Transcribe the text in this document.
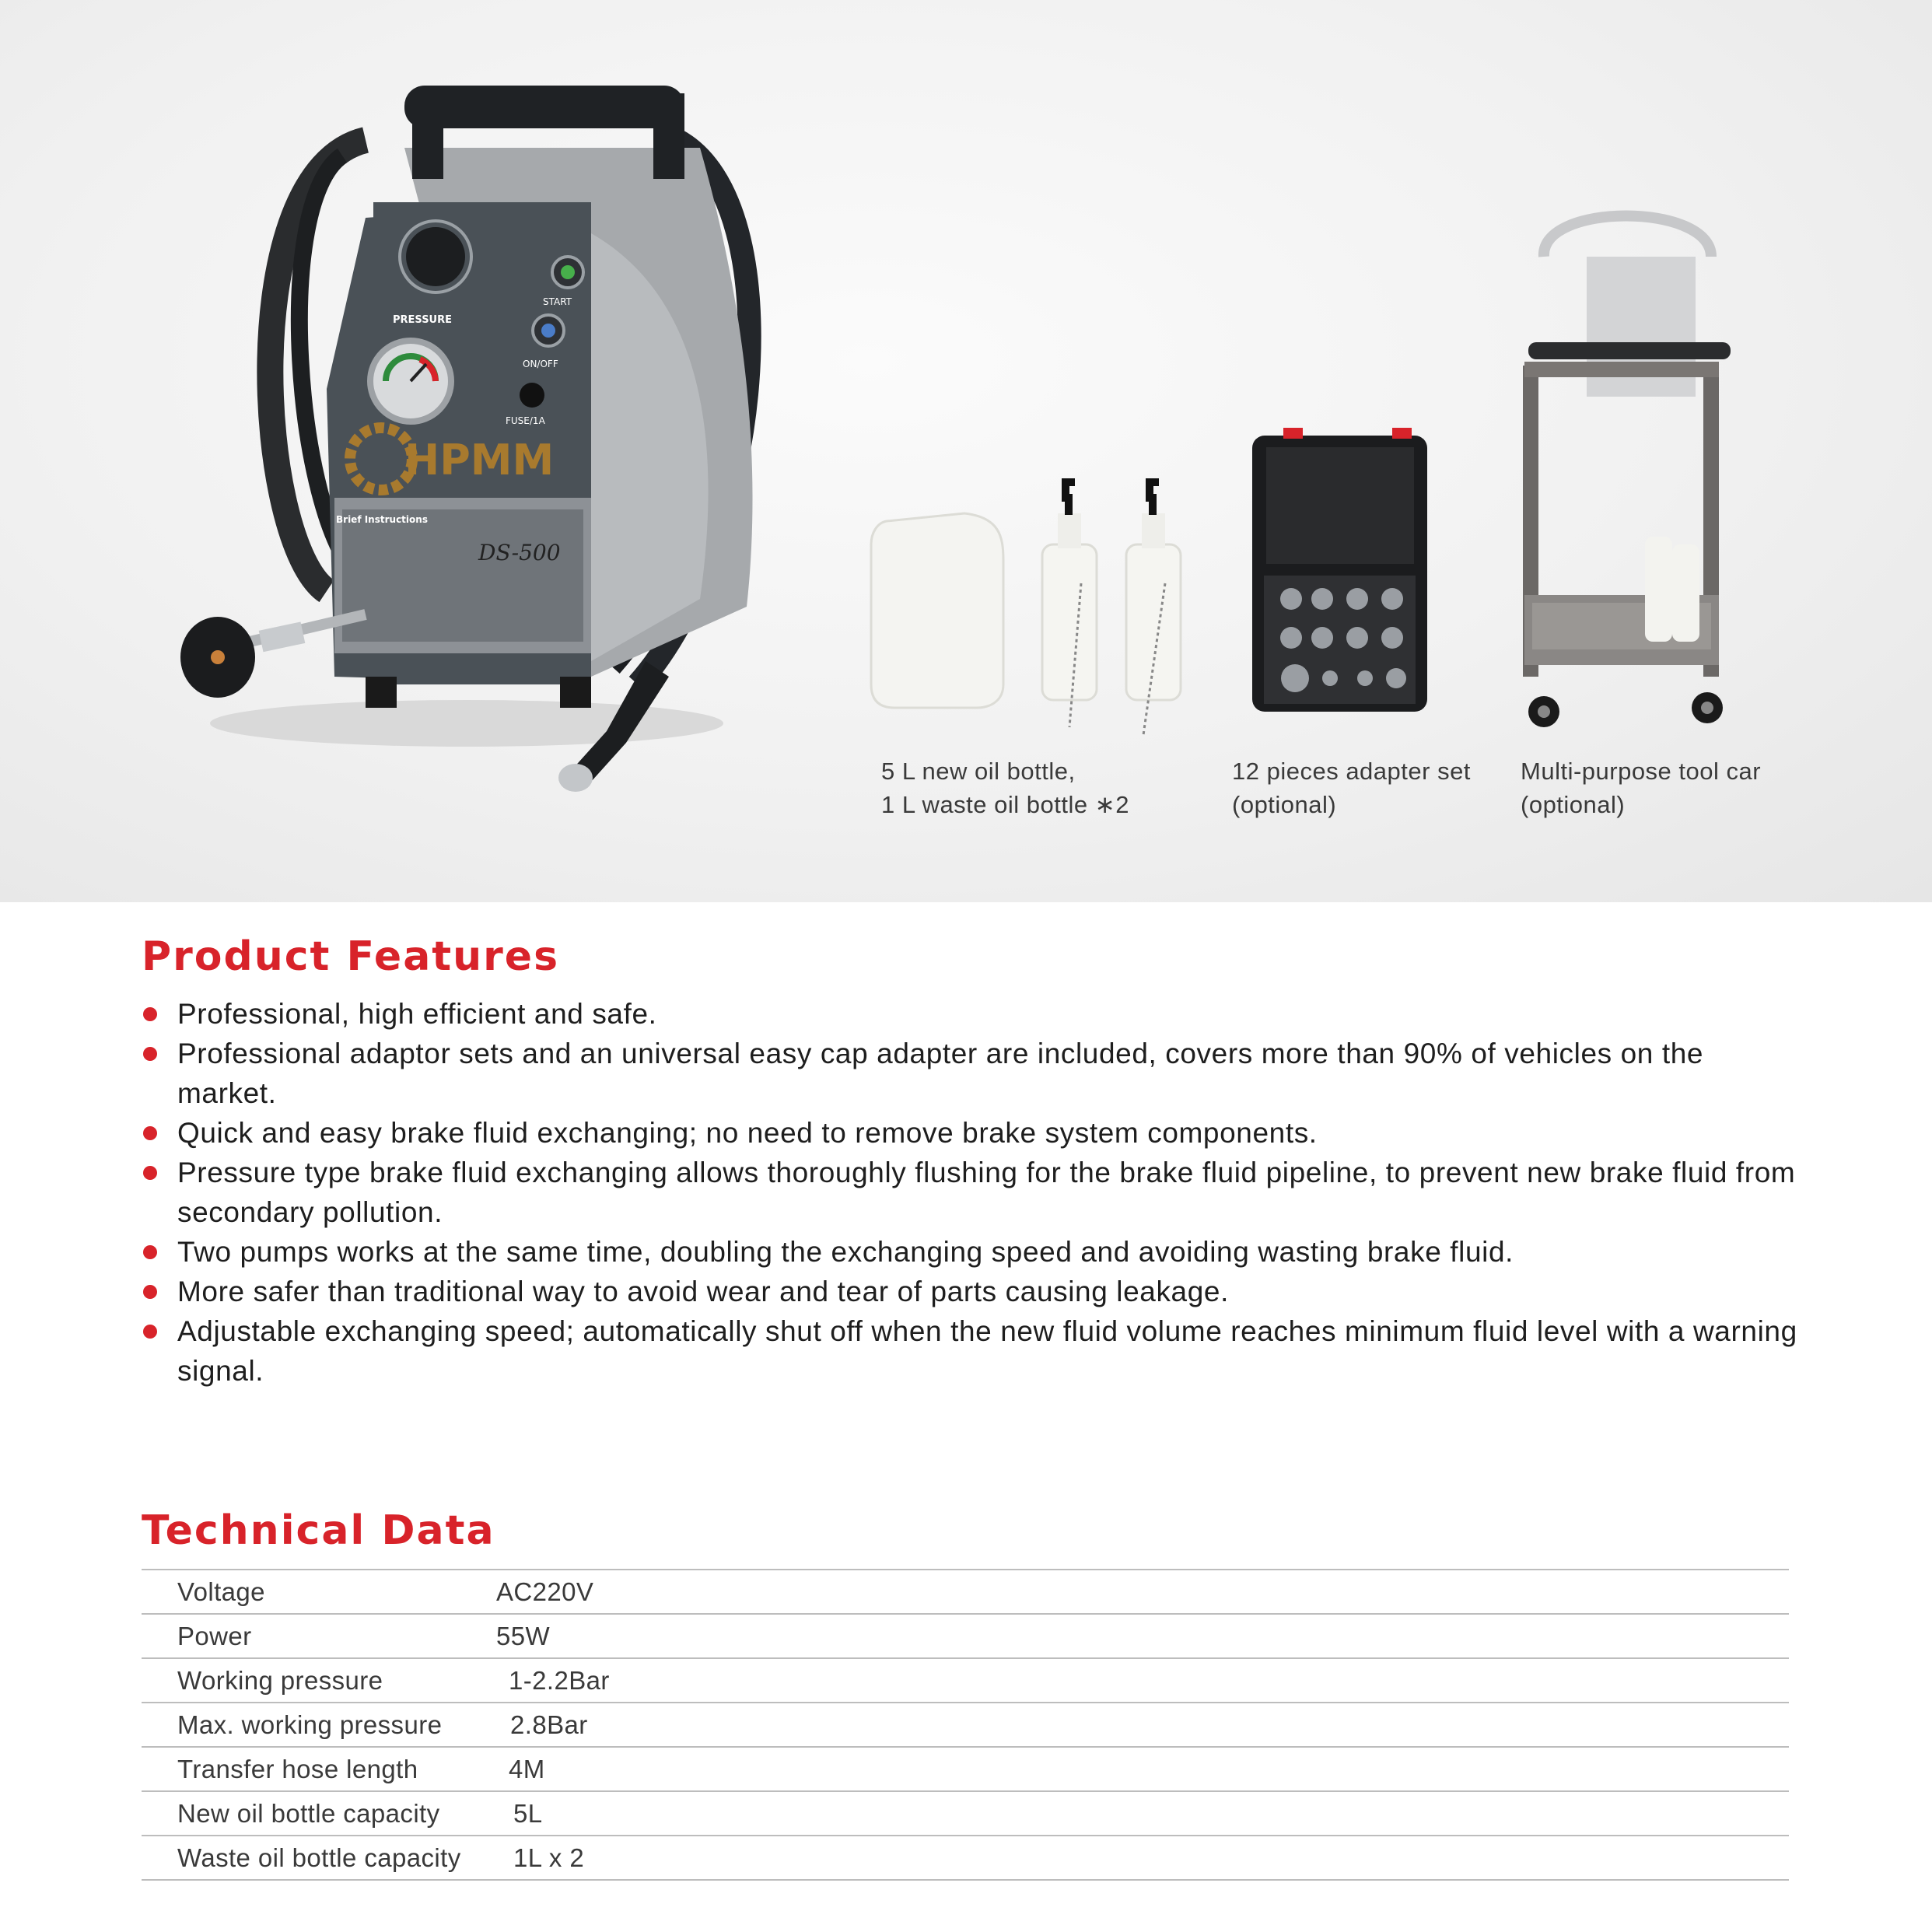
HPMM
DS-500
PRESSURE
START
ON/OFF
FUSE/1A
Brief Instructions
5 L new oil bottle,
1 L waste oil bottle ∗2
12 pieces adapter set
(optional)
Multi-purpose tool car
(optional)
Product Features
Professional, high efficient and safe.
Professional adaptor sets and an universal easy cap adapter are included, covers more than 90% of vehicles on the market.
Quick and easy brake fluid exchanging; no need to remove brake system components.
Pressure type brake fluid exchanging allows thoroughly flushing for the brake fluid pipeline, to prevent new brake fluid from secondary pollution.
Two pumps works at the same time, doubling the exchanging speed and avoiding wasting brake fluid.
More safer than traditional way to avoid wear and tear of parts causing leakage.
Adjustable exchanging speed; automatically shut off when the new fluid volume reaches minimum fluid level with a warning signal.
Technical Data
Voltage	AC220V
Power	55W
Working pressure	1-2.2Bar
Max. working pressure	2.8Bar
Transfer hose length	4M
New oil bottle capacity	5L
Waste oil bottle capacity	1L x 2
